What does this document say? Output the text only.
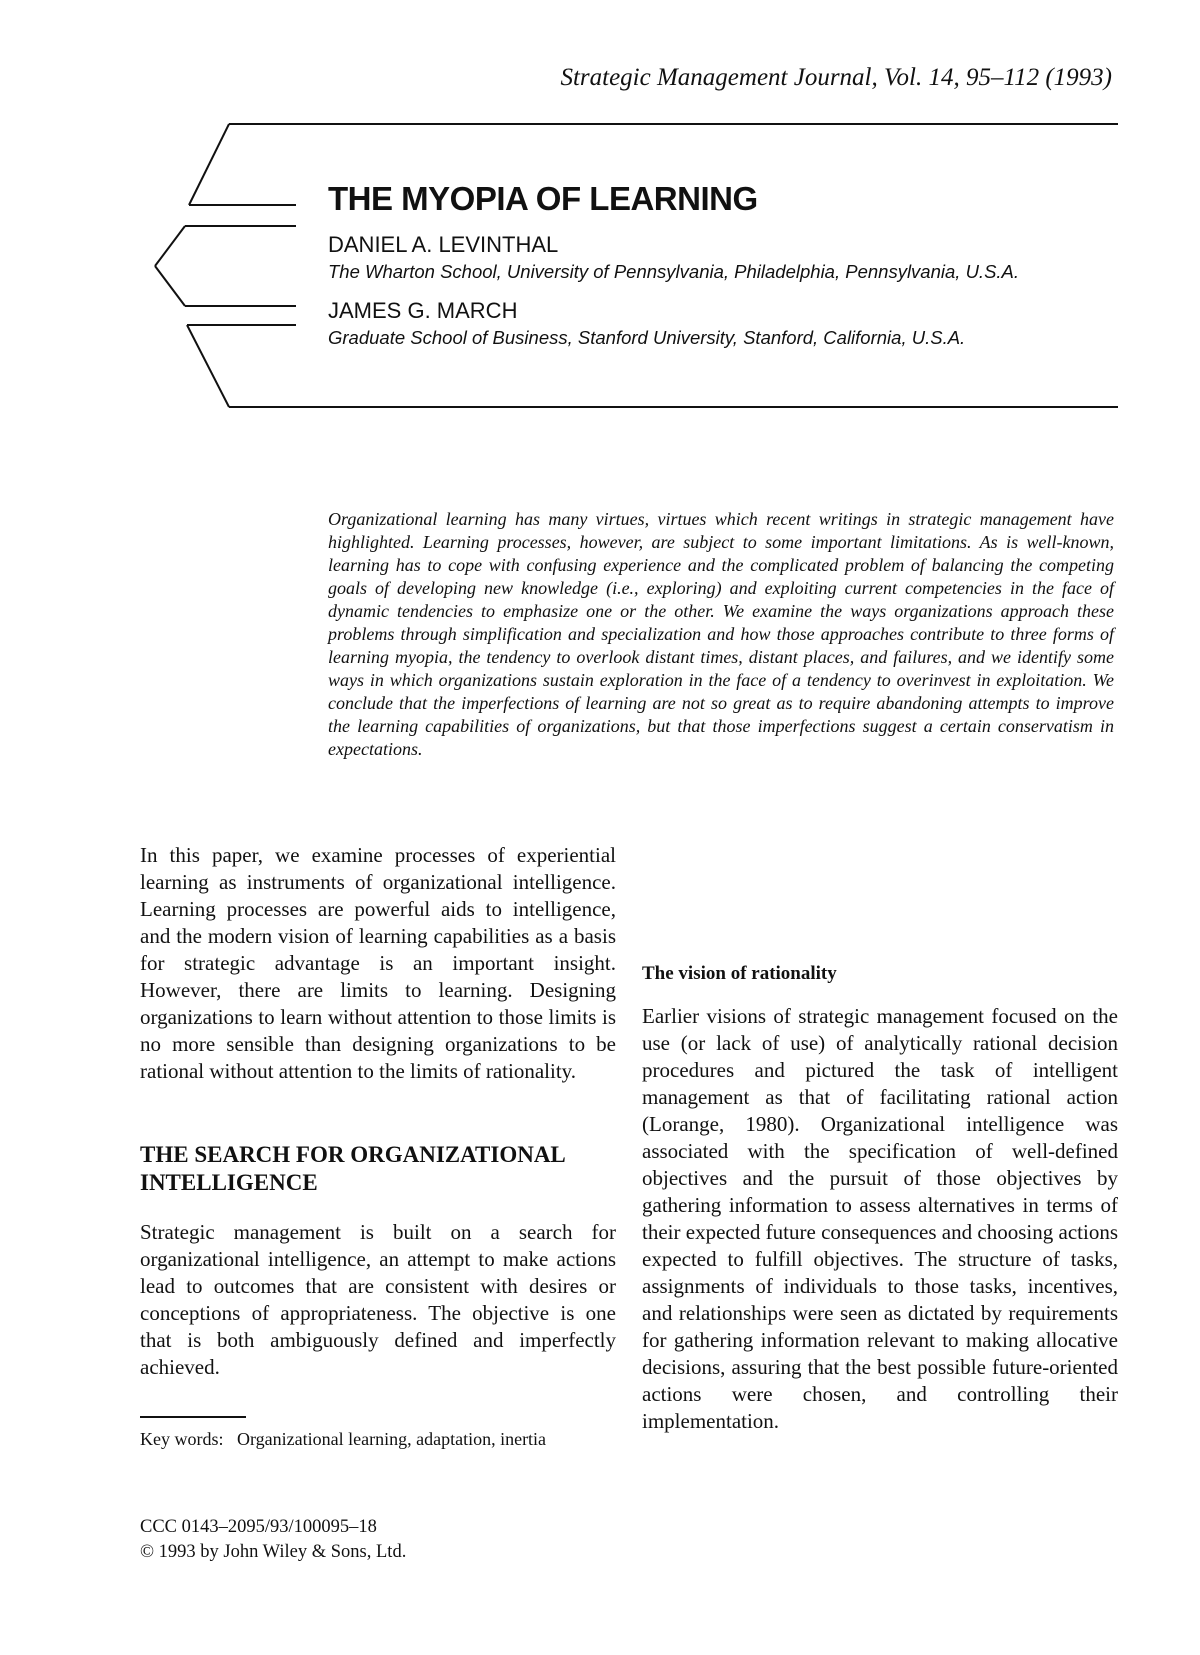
Strategic Management Journal, Vol. 14, 95–112 (1993)
THE MYOPIA OF LEARNING
DANIEL A. LEVINTHAL
The Wharton School, University of Pennsylvania, Philadelphia, Pennsylvania, U.S.A.
JAMES G. MARCH
Graduate School of Business, Stanford University, Stanford, California, U.S.A.
Organizational learning has many virtues, virtues which recent writings in strategic management have highlighted. Learning processes, however, are subject to some important limitations. As is well-known, learning has to cope with confusing experience and the complicated problem of balancing the competing goals of developing new knowledge (i.e., exploring) and exploiting current competencies in the face of dynamic tendencies to emphasize one or the other. We examine the ways organizations approach these problems through simplification and specialization and how those approaches contribute to three forms of learning myopia, the tendency to overlook distant times, distant places, and failures, and we identify some ways in which organizations sustain exploration in the face of a tendency to overinvest in exploitation. We conclude that the imperfections of learning are not so great as to require abandoning attempts to improve the learning capabilities of organizations, but that those imperfections suggest a certain conservatism in expectations.

In this paper, we examine processes of experiential learning as instruments of organizational intelligence. Learning processes are powerful aids to intelligence, and the modern vision of learning capabilities as a basis for strategic advantage is an important insight. However, there are limits to learning. Designing organizations to learn without attention to those limits is no more sensible than designing organizations to be rational without attention to the limits of rationality.

THE SEARCH FOR ORGANIZATIONAL INTELLIGENCE

Strategic management is built on a search for organizational intelligence, an attempt to make actions lead to outcomes that are consistent with desires or conceptions of appropriateness. The objective is one that is both ambiguously defined and imperfectly achieved.

The vision of rationality

Earlier visions of strategic management focused on the use (or lack of use) of analytically rational decision procedures and pictured the task of intelligent management as that of facilitating rational action (Lorange, 1980). Organizational intelligence was associated with the specification of well-defined objectives and the pursuit of those objectives by gathering information to assess alternatives in terms of their expected future consequences and choosing actions expected to fulfill objectives. The structure of tasks, assignments of individuals to those tasks, incentives, and relationships were seen as dictated by requirements for gathering information relevant to making allocative decisions, assuring that the best possible future-oriented actions were chosen, and controlling their implementation.

Key words: Organizational learning, adaptation, inertia
CCC 0143–2095/93/100095–18
© 1993 by John Wiley & Sons, Ltd.
